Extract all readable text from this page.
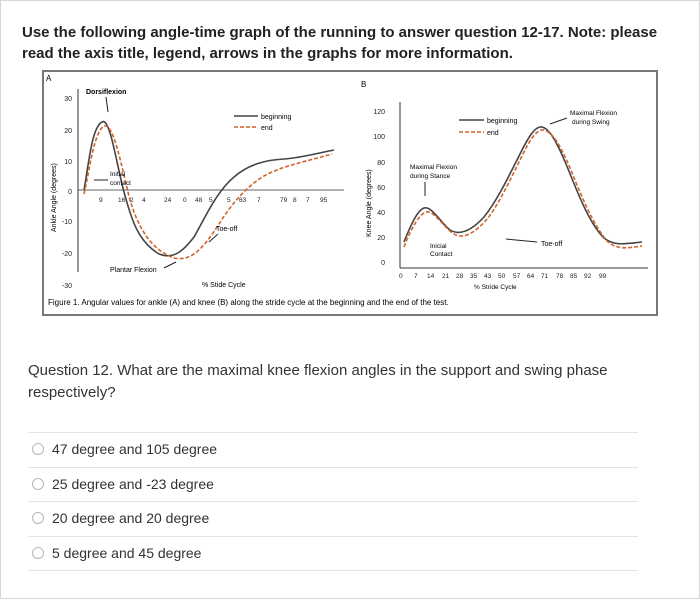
Use the following angle-time graph of the running to answer question 12-17. Note: please read the axis title, legend, arrows in the graphs for more information.
A
B
30
20
10
0
-10
-20
-30
Ankle Angle (degrees)	9 16 2 4	24 0 48 5 5 63 7	79 8 7 95
beginning
end
Dorsiflexion
Initial
contact
Toe-off
Plantar Flexion
% Stide Cycle
120
100
80
60
40
20
0
Knee Angle (degrees)
0 7 14 21 28 35 43 50 57 64 71 78 85 92 99
% Stride Cycle
beginning
end
Maximal Flexion
during Stance
Inicial
Contact
Toe-off
Maximal Flexion
during Swing
Figure 1. Angular values for ankle (A) and knee (B) along the stride cycle at the beginning and the end of the test.
Question 12. What are the maximal knee flexion angles in the support and swing phase respectively?
47 degree and 105 degree
25 degree and -23 degree
20 degree and 20 degree
5 degree and 45 degree
